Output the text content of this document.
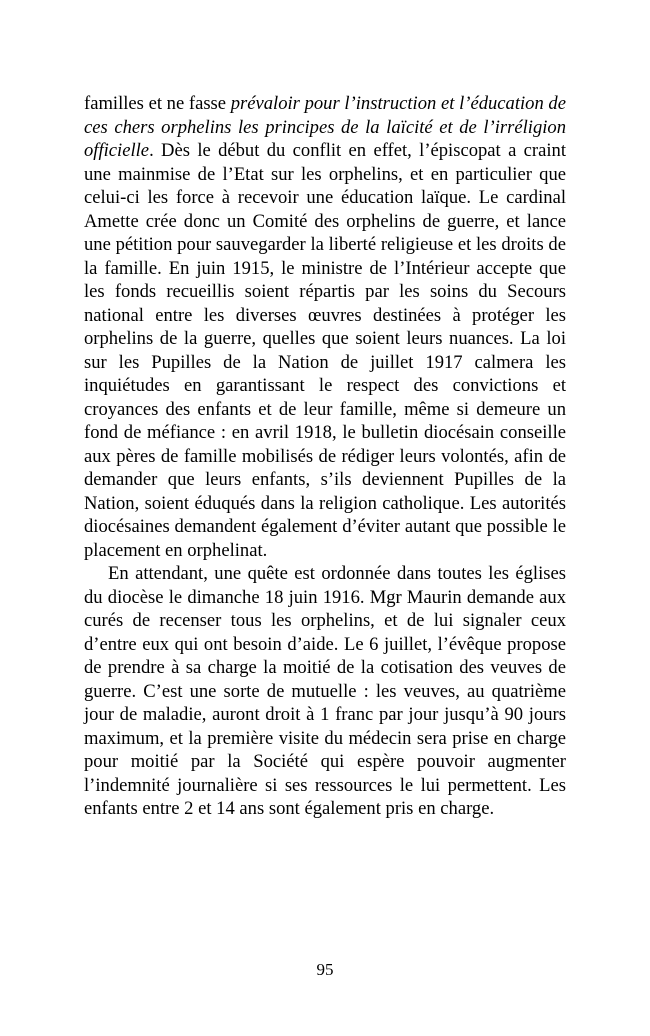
familles et ne fasse prévaloir pour l’instruction et l’éducation de ces chers orphelins les principes de la laïcité et de l’irréligion officielle. Dès le début du conflit en effet, l’épiscopat a craint une mainmise de l’Etat sur les orphelins, et en particulier que celui-ci les force à recevoir une éducation laïque. Le cardinal Amette crée donc un Comité des orphelins de guerre, et lance une pétition pour sauvegarder la liberté religieuse et les droits de la famille. En juin 1915, le ministre de l’Intérieur accepte que les fonds recueillis soient répartis par les soins du Secours national entre les diverses œuvres destinées à protéger les orphelins de la guerre, quelles que soient leurs nuances. La loi sur les Pupilles de la Nation de juillet 1917 calmera les inquiétudes en garantissant le respect des convictions et croyances des enfants et de leur famille, même si demeure un fond de méfiance : en avril 1918, le bulletin diocésain conseille aux pères de famille mobilisés de rédiger leurs volontés, afin de demander que leurs enfants, s’ils deviennent Pupilles de la Nation, soient éduqués dans la religion catholique. Les autorités diocésaines demandent également d’éviter autant que possible le placement en orphelinat.

En attendant, une quête est ordonnée dans toutes les églises du diocèse le dimanche 18 juin 1916. Mgr Maurin demande aux curés de recenser tous les orphelins, et de lui signaler ceux d’entre eux qui ont besoin d’aide. Le 6 juillet, l’évêque propose de prendre à sa charge la moitié de la cotisation des veuves de guerre. C’est une sorte de mutuelle : les veuves, au quatrième jour de maladie, auront droit à 1 franc par jour jusqu’à 90 jours maximum, et la première visite du médecin sera prise en charge pour moitié par la Société qui espère pouvoir augmenter l’indemnité journalière si ses ressources le lui permettent. Les enfants entre 2 et 14 ans sont également pris en charge.

95
